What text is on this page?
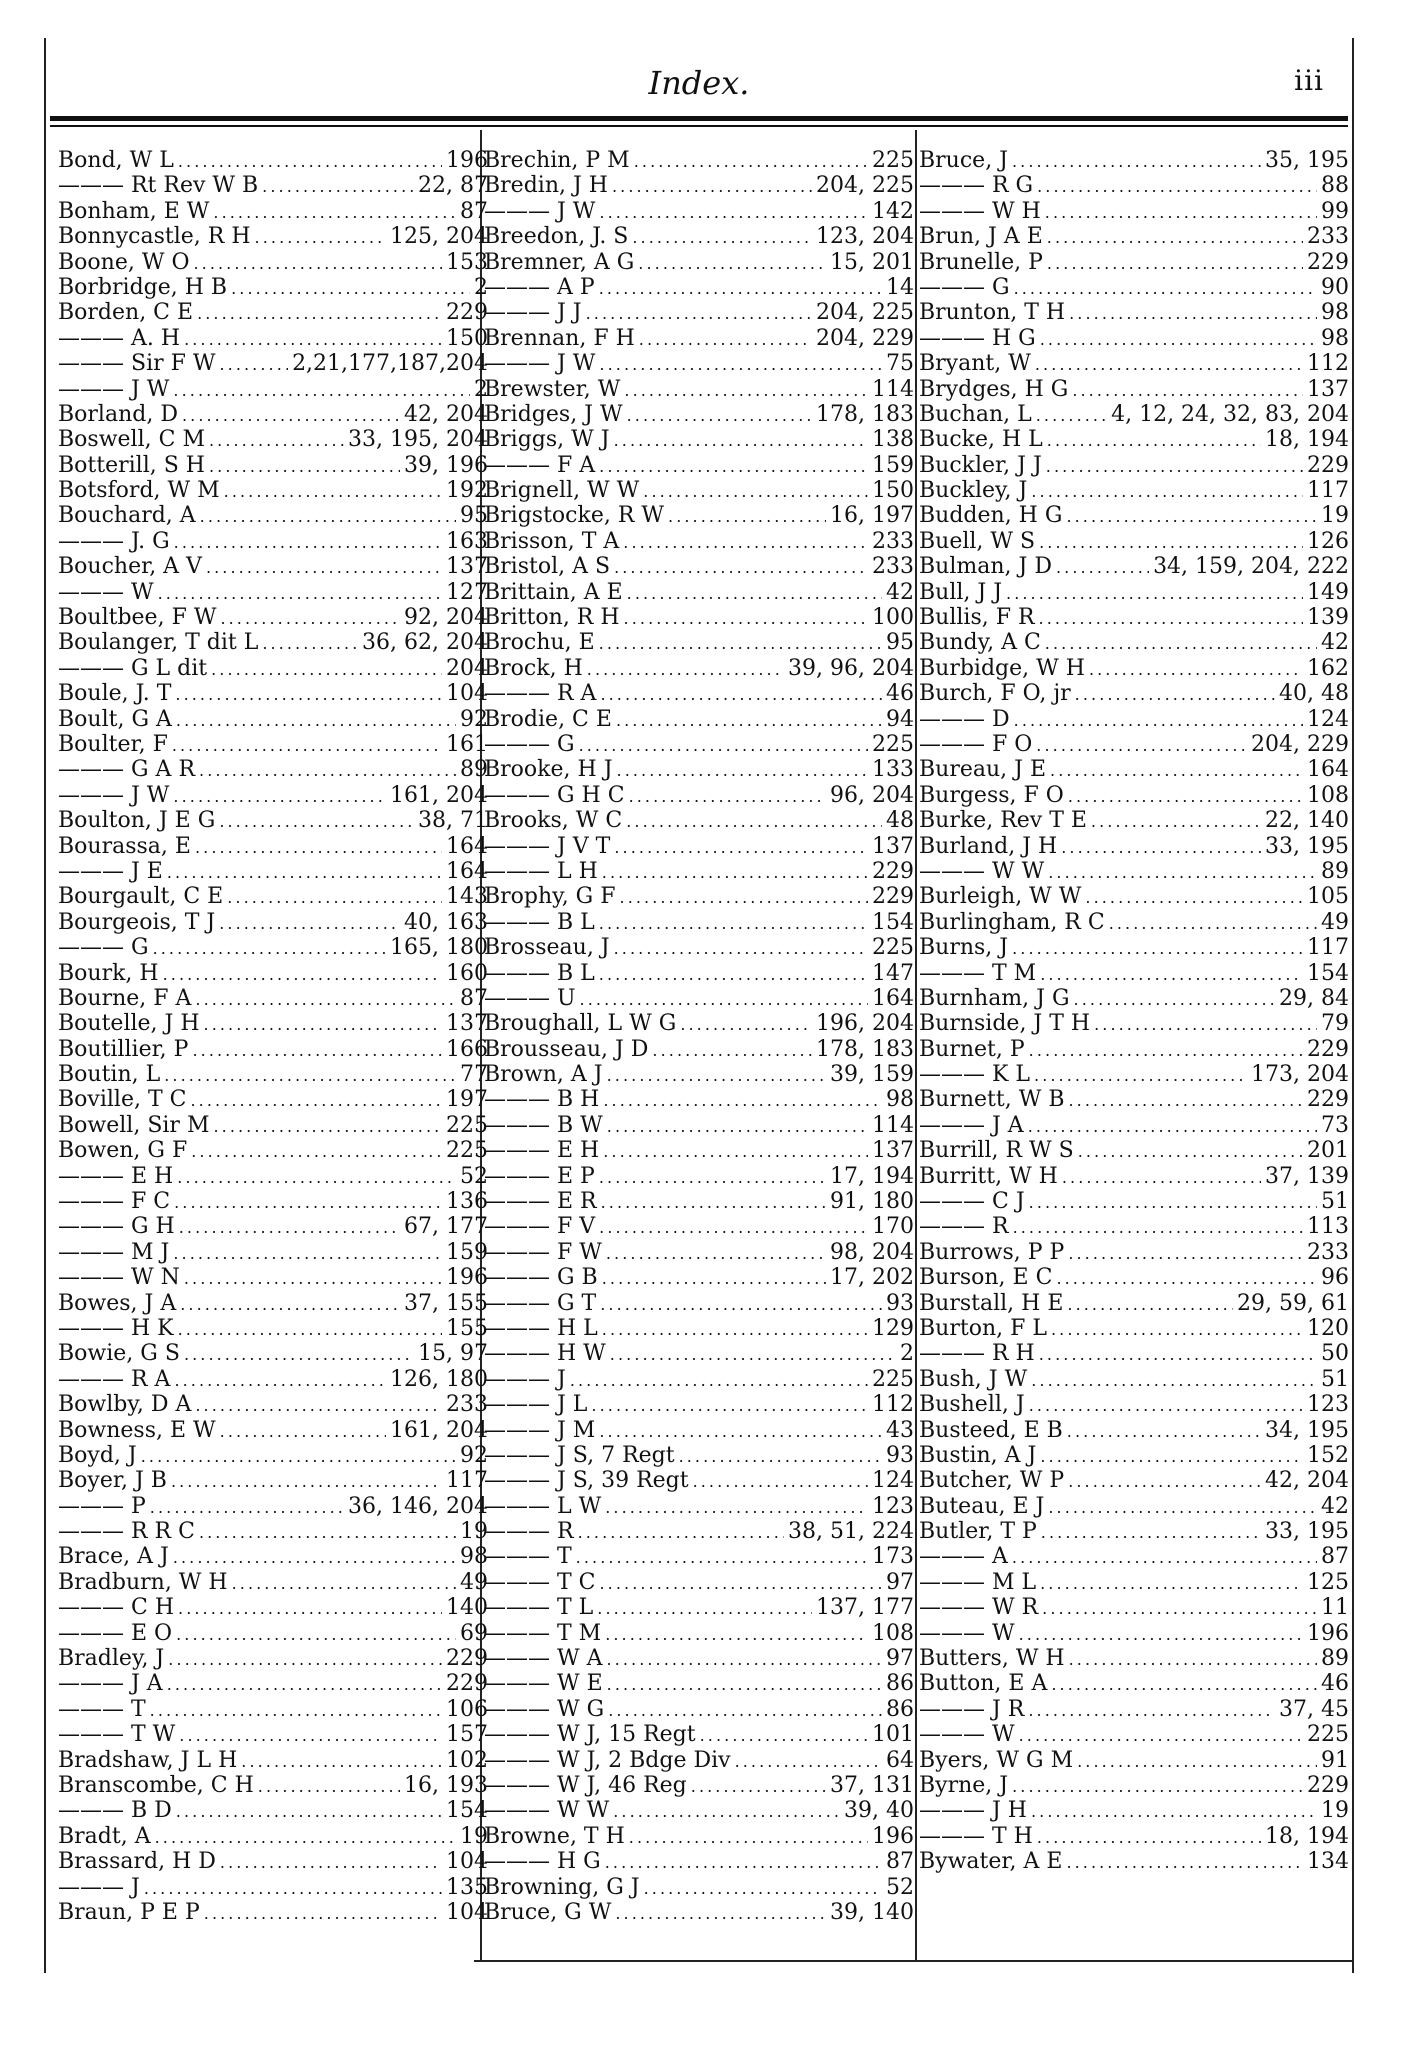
Index.	iii
Bond, W L . . .	196
——— Rt Rev W B . . .	22, 87
Bonham, E W . . .	87
Bonnycastle, R H . . .	125, 204
Boone, W O . . .	153
Borbridge, H B . . .	2
Borden, C E . . .	229
——— A. H . . .	150
——— Sir F W . . .	2,21,177,187,204
——— J W . . .	2
Borland, D . . .	42, 204
Boswell, C M . . .	33, 195, 204
Botterill, S H . . .	39, 196
Botsford, W M . . .	192
Bouchard, A . . .	95
——— J. G . . .	163
Boucher, A V . . .	137
——— W . . .	127
Boultbee, F W . . .	92, 204
Boulanger, T dit L . . .	36, 62, 204
——— G L dit . . .	204
Boule, J. T . . .	104
Boult, G A . . .	92
Boulter, F . . .	161
——— G A R . . .	89
——— J W . . .	161, 204
Boulton, J E G . . .	38, 71
Bourassa, E . . .	164
——— J E . . .	164
Bourgault, C E . . .	143
Bourgeois, T J . . .	40, 163
——— G . . .	165, 180
Bourk, H . . .	160
Bourne, F A . . .	87
Boutelle, J H . . .	137
Boutillier, P . . .	166
Boutin, L . . .	77
Boville, T C . . .	197
Bowell, Sir M . . .	225
Bowen, G F . . .	225
——— E H . . .	52
——— F C . . .	136
——— G H . . .	67, 177
——— M J . . .	159
——— W N . . .	196
Bowes, J A . . .	37, 155
——— H K . . .	155
Bowie, G S . . .	15, 97
——— R A . . .	126, 180
Bowlby, D A . . .	233
Bowness, E W . . .	161, 204
Boyd, J . . .	92
Boyer, J B . . .	117
——— P . . .	36, 146, 204
——— R R C . . .	19
Brace, A J . . .	98
Bradburn, W H . . .	49
——— C H . . .	140
——— E O . . .	69
Bradley, J . . .	229
——— J A . . .	229
——— T . . .	106
——— T W . . .	157
Bradshaw, J L H . . .	102
Branscombe, C H . . .	16, 193
——— B D . . .	154
Bradt, A . . .	19
Brassard, H D . . .	104
——— J . . .	135
Braun, P E P . . .	104
Brechin, P M . . .	225
Bredin, J H . . .	204, 225
——— J W . . .	142
Breedon, J. S . . .	123, 204
Bremner, A G . . .	15, 201
——— A P . . .	14
——— J J . . .	204, 225
Brennan, F H . . .	204, 229
——— J W . . .	75
Brewster, W . . .	114
Bridges, J W . . .	178, 183
Briggs, W J . . .	138
——— F A . . .	159
Brignell, W W . . .	150
Brigstocke, R W . . .	16, 197
Brisson, T A . . .	233
Bristol, A S . . .	233
Brittain, A E . . .	42
Britton, R H . . .	100
Brochu, E . . .	95
Brock, H . . .	39, 96, 204
——— R A . . .	46
Brodie, C E . . .	94
——— G . . .	225
Brooke, H J . . .	133
——— G H C . . .	96, 204
Brooks, W C . . .	48
——— J V T . . .	137
——— L H . . .	229
Brophy, G F . . .	229
——— B L . . .	154
Brosseau, J . . .	225
——— B L . . .	147
——— U . . .	164
Broughall, L W G . . .	196, 204
Brousseau, J D . . .	178, 183
Brown, A J . . .	39, 159
——— B H . . .	98
——— B W . . .	114
——— E H . . .	137
——— E P . . .	17, 194
——— E R . . .	91, 180
——— F V . . .	170
——— F W . . .	98, 204
——— G B . . .	17, 202
——— G T . . .	93
——— H L . . .	129
——— H W . . .	2
——— J . . .	225
——— J L . . .	112
——— J M . . .	43
——— J S, 7 Regt . . .	93
——— J S, 39 Regt . . .	124
——— L W . . .	123
——— R . . .	38, 51, 224
——— T . . .	173
——— T C . . .	97
——— T L . . .	137, 177
——— T M . . .	108
——— W A . . .	97
——— W E . . .	86
——— W G . . .	86
——— W J, 15 Regt . . .	101
——— W J, 2 Bdge Div . . .	64
——— W J, 46 Reg . . .	37, 131
——— W W . . .	39, 40
Browne, T H . . .	196
——— H G . . .	87
Browning, G J . . .	52
Bruce, G W . . .	39, 140
Bruce, J . . .	35, 195
——— R G . . .	88
——— W H . . .	99
Brun, J A E . . .	233
Brunelle, P . . .	229
——— G . . .	90
Brunton, T H . . .	98
——— H G . . .	98
Bryant, W . . .	112
Brydges, H G . . .	137
Buchan, L . . .	4, 12, 24, 32, 83, 204
Bucke, H L . . .	18, 194
Buckler, J J . . .	229
Buckley, J . . .	117
Budden, H G . . .	19
Buell, W S . . .	126
Bulman, J D . . .	34, 159, 204, 222
Bull, J J . . .	149
Bullis, F R . . .	139
Bundy, A C . . .	42
Burbidge, W H . . .	162
Burch, F O, jr . . .	40, 48
——— D . . .	124
——— F O . . .	204, 229
Bureau, J E . . .	164
Burgess, F O . . .	108
Burke, Rev T E . . .	22, 140
Burland, J H . . .	33, 195
——— W W . . .	89
Burleigh, W W . . .	105
Burlingham, R C . . .	49
Burns, J . . .	117
——— T M . . .	154
Burnham, J G . . .	29, 84
Burnside, J T H . . .	79
Burnet, P . . .	229
——— K L . . .	173, 204
Burnett, W B . . .	229
——— J A . . .	73
Burrill, R W S . . .	201
Burritt, W H . . .	37, 139
——— C J . . .	51
——— R . . .	113
Burrows, P P . . .	233
Burson, E C . . .	96
Burstall, H E . . .	29, 59, 61
Burton, F L . . .	120
——— R H . . .	50
Bush, J W . . .	51
Bushell, J . . .	123
Busteed, E B . . .	34, 195
Bustin, A J . . .	152
Butcher, W P . . .	42, 204
Buteau, E J . . .	42
Butler, T P . . .	33, 195
——— A . . .	87
——— M L . . .	125
——— W R . . .	11
——— W . . .	196
Butters, W H . . .	89
Button, E A . . .	46
——— J R . . .	37, 45
——— W . . .	225
Byers, W G M . . .	91
Byrne, J . . .	229
——— J H . . .	19
——— T H . . .	18, 194
Bywater, A E . . .	134
